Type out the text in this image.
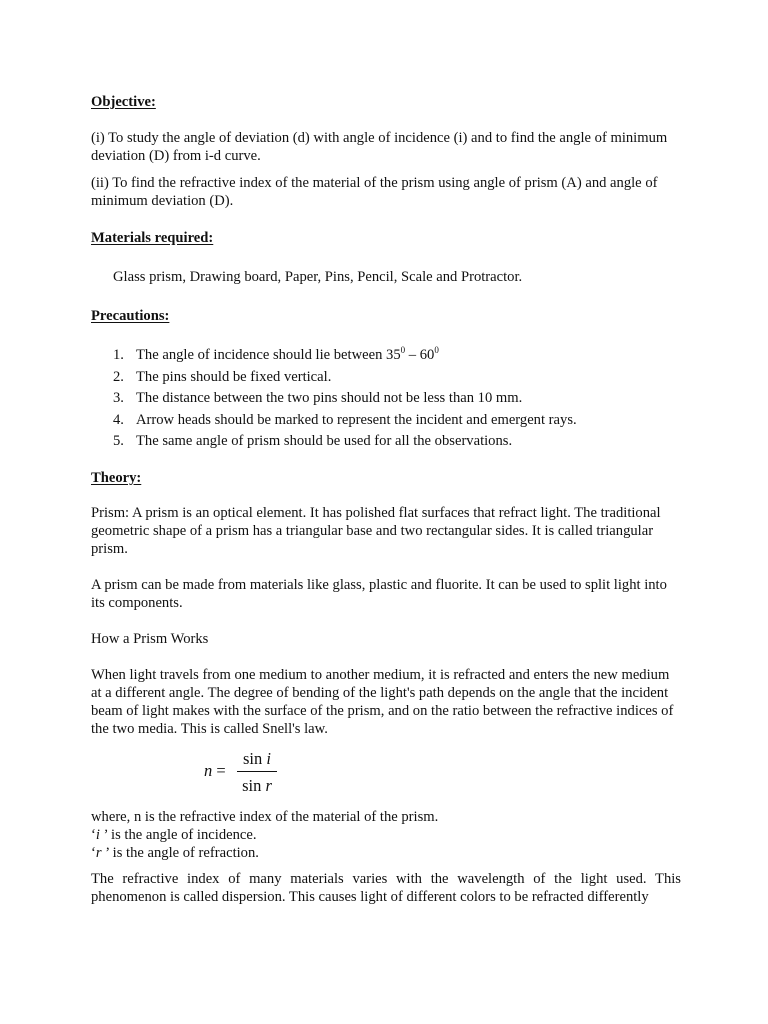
Objective:

(i) To study the angle of deviation (d) with angle of incidence (i) and to find the angle of minimum deviation (D) from i-d curve.

(ii) To find the refractive index of the material of the prism using angle of prism (A) and angle of minimum deviation (D).

Materials required:

Glass prism, Drawing board, Paper, Pins, Pencil, Scale and Protractor.

Precautions:

1. The angle of incidence should lie between $35^0 - 60^0$
2. The pins should be fixed vertical.
3. The distance between the two pins should not be less than 10 mm.
4. Arrow heads should be marked to represent the incident and emergent rays.
5. The same angle of prism should be used for all the observations.

Theory:

Prism: A prism is an optical element. It has polished flat surfaces that refract light. The traditional geometric shape of a prism has a triangular base and two rectangular sides. It is called triangular prism.

A prism can be made from materials like glass, plastic and fluorite. It can be used to split light into its components.

How a Prism Works

When light travels from one medium to another medium, it is refracted and enters the new medium at a different angle. The degree of bending of the light's path depends on the angle that the incident beam of light makes with the surface of the prism, and on the ratio between the refractive indices of the two media. This is called Snell's law.

n =
sin i
sin r

where, n is the refractive index of the material of the prism.

‘i ’ is the angle of incidence.

‘r ’ is the angle of refraction.

The refractive index of many materials varies with the wavelength of the light used. This phenomenon is called dispersion. This causes light of different colors to be refracted differently
